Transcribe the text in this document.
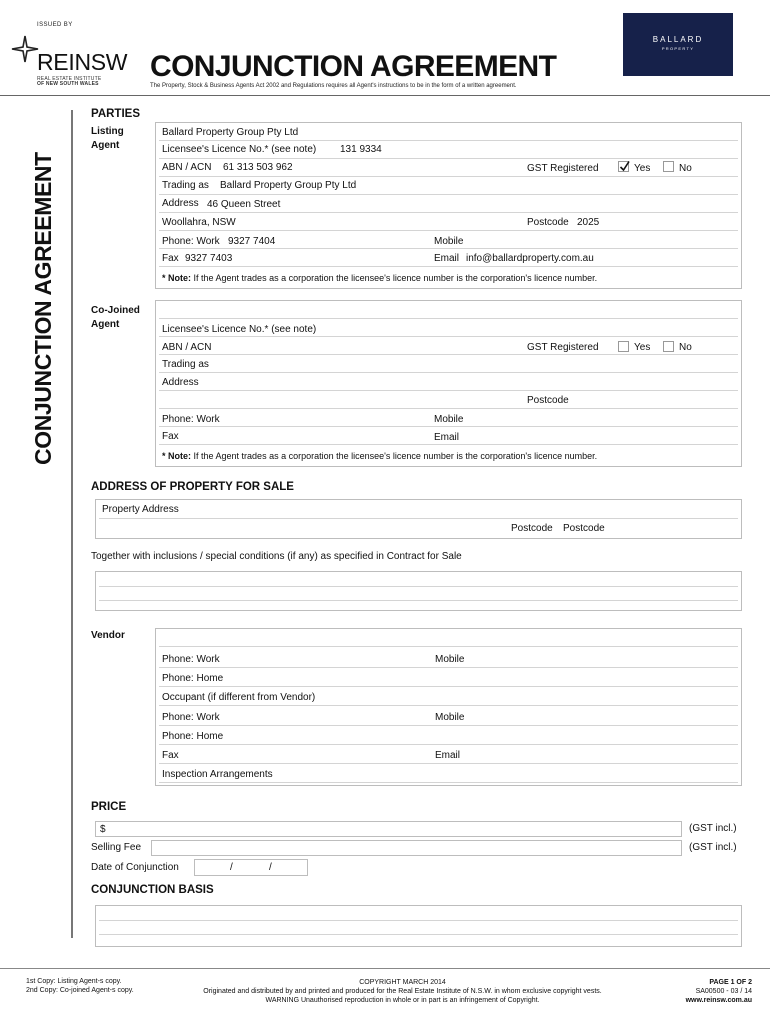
ISSUED BY
REINSW
REAL ESTATE INSTITUTE
OF NEW SOUTH WALES
CONJUNCTION AGREEMENT
The Property, Stock & Business Agents Act 2002 and Regulations requires all Agent's instructions to be in the form of a written agreement.
BALLARD
PROPERTY
CONJUNCTION AGREEMENT
PARTIES
Listing
Agent
Ballard Property Group Pty Ltd
Licensee's Licence No.* (see note) 131 9334
ABN / ACN 61 313 503 962	GST Registered	Yes	No
Trading as Ballard Property Group Pty Ltd
Address 46 Queen Street
Woollahra, NSW	Postcode 2025
Phone: Work 9327 7404	Mobile
Fax 9327 7403	Email info@ballardproperty.com.au
* Note: If the Agent trades as a corporation the licensee's licence number is the corporation's licence number.
Co-Joined
Agent	Licensee's Licence No.* (see note)
ABN / ACN	GST Registered	Yes	No
Trading as
Address
Postcode
Phone: Work	Mobile
Fax	Email
* Note: If the Agent trades as a corporation the licensee's licence number is the corporation's licence number.
ADDRESS OF PROPERTY FOR SALE
Property Address
Postcode Postcode
Together with inclusions / special conditions (if any) as specified in Contract for Sale
Vendor
Phone: Work	Mobile
Phone: Home
Occupant (if different from Vendor)
Phone: Work	Mobile
Phone: Home
Fax	Email
Inspection Arrangements
PRICE
$	(GST incl.)
Selling Fee	(GST incl.)
Date of Conjunction	/	/
CONJUNCTION BASIS
1st Copy: Listing Agent-s copy.
2nd Copy: Co-joined Agent-s copy.
COPYRIGHT MARCH 2014
Originated and distributed by and printed and produced for the Real Estate Institute of N.S.W. in whom exclusive copyright vests.
WARNING Unauthorised reproduction in whole or in part is an infringement of Copyright.
PAGE 1 OF 2
SA00500 - 03 / 14
www.reinsw.com.au
